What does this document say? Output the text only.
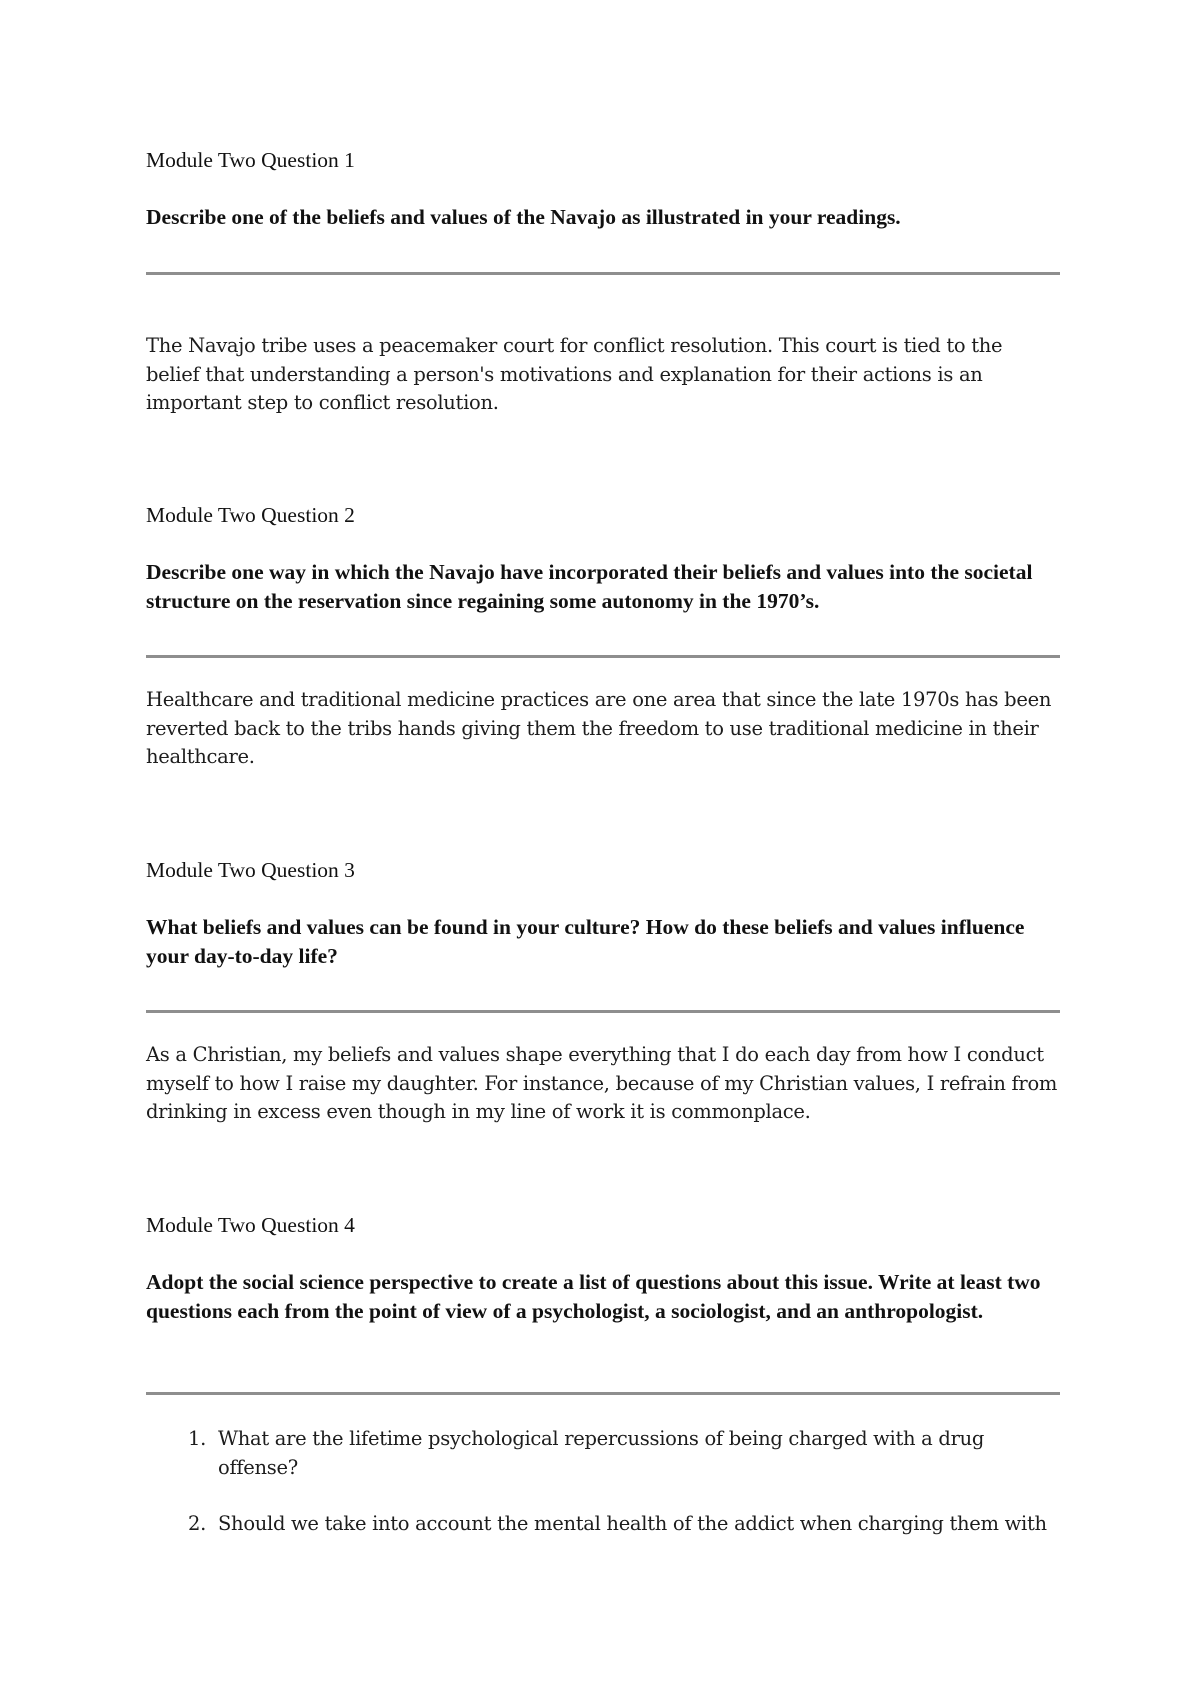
Module Two Question 1

Describe one of the beliefs and values of the Navajo as illustrated in your readings.

The Navajo tribe uses a peacemaker court for conflict resolution. This court is tied to the belief that understanding a person's motivations and explanation for their actions is an important step to conflict resolution.

Module Two Question 2

Describe one way in which the Navajo have incorporated their beliefs and values into the societal structure on the reservation since regaining some autonomy in the 1970’s.

Healthcare and traditional medicine practices are one area that since the late 1970s has been reverted back to the tribs hands giving them the freedom to use traditional medicine in their healthcare.

Module Two Question 3

What beliefs and values can be found in your culture? How do these beliefs and values influence your day-to-day life?

As a Christian, my beliefs and values shape everything that I do each day from how I conduct myself to how I raise my daughter. For instance, because of my Christian values, I refrain from drinking in excess even though in my line of work it is commonplace.

Module Two Question 4

Adopt the social science perspective to create a list of questions about this issue. Write at least two questions each from the point of view of a psychologist, a sociologist, and an anthropologist.

1. What are the lifetime psychological repercussions of being charged with a drug offense?
2. Should we take into account the mental health of the addict when charging them with
